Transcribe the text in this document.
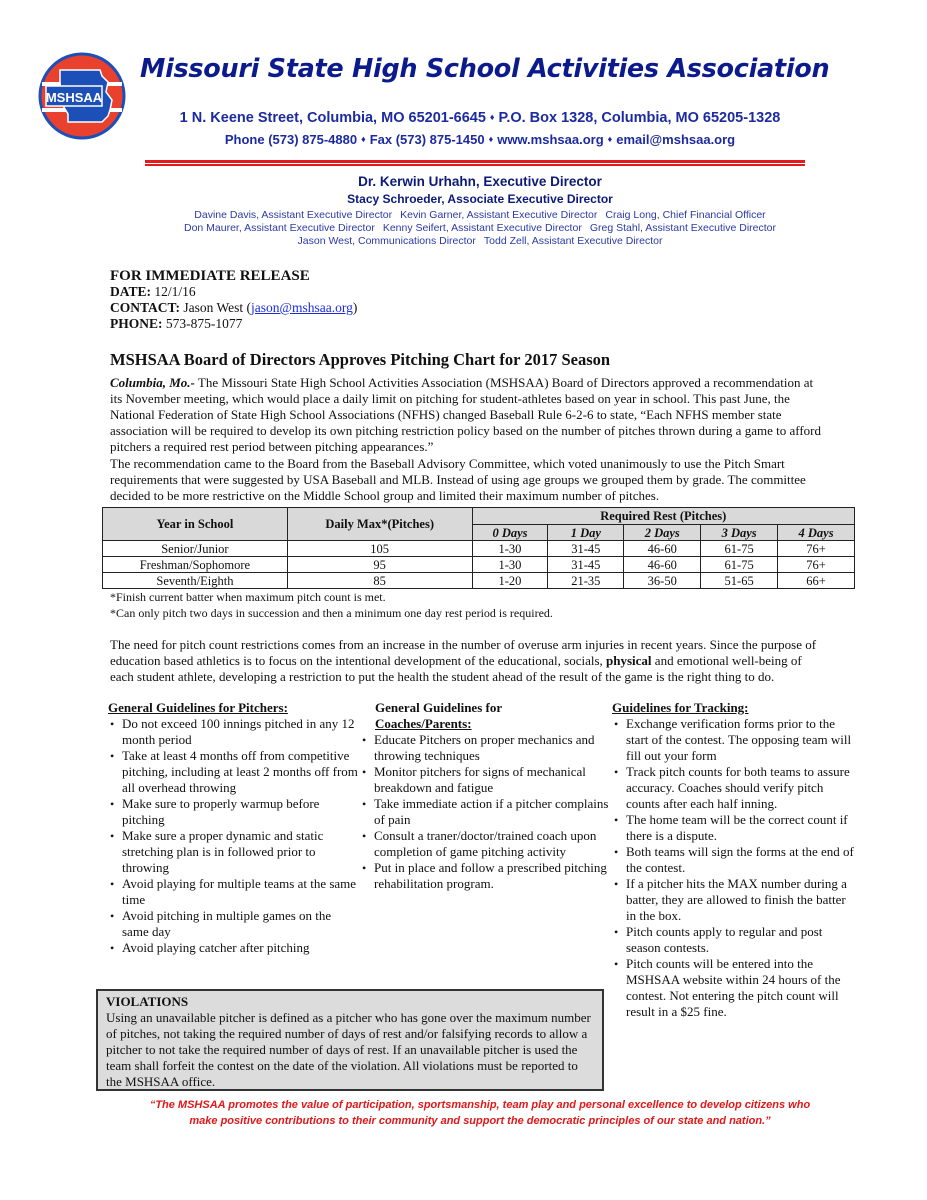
MSHSAA
Missouri State High School Activities Association
1 N. Keene Street, Columbia, MO 65201-6645 ♦ P.O. Box 1328, Columbia, MO 65205-1328
Phone (573) 875-4880 ♦ Fax (573) 875-1450 ♦ www.mshsaa.org ♦ email@mshsaa.org
Dr. Kerwin Urhahn, Executive Director
Stacy Schroeder, Associate Executive Director
Davine Davis, Assistant Executive Director Kevin Garner, Assistant Executive Director Craig Long, Chief Financial Officer
Don Maurer, Assistant Executive Director Kenny Seifert, Assistant Executive Director Greg Stahl, Assistant Executive Director
Jason West, Communications Director Todd Zell, Assistant Executive Director
FOR IMMEDIATE RELEASE
DATE: 12/1/16
CONTACT: Jason West (jason@mshsaa.org)
PHONE: 573-875-1077
MSHSAA Board of Directors Approves Pitching Chart for 2017 Season
Columbia, Mo.- The Missouri State High School Activities Association (MSHSAA) Board of Directors approved a recommendation at its November meeting, which would place a daily limit on pitching for student-athletes based on year in school. This past June, the National Federation of State High School Associations (NFHS) changed Baseball Rule 6-2-6 to state, “Each NFHS member state association will be required to develop its own pitching restriction policy based on the number of pitches thrown during a game to afford pitchers a required rest period between pitching appearances.”
The recommendation came to the Board from the Baseball Advisory Committee, which voted unanimously to use the Pitch Smart requirements that were suggested by USA Baseball and MLB. Instead of using age groups we grouped them by grade. The committee decided to be more restrictive on the Middle School group and limited their maximum number of pitches.
Year in School	Daily Max*(Pitches)	Required Rest (Pitches)				
		0 Days	1 Day	2 Days	3 Days	4 Days
Senior/Junior	105	1-30	31-45	46-60	61-75	76+
Freshman/Sophomore	95	1-30	31-45	46-60	61-75	76+
Seventh/Eighth	85	1-20	21-35	36-50	51-65	66+
*Finish current batter when maximum pitch count is met.
*Can only pitch two days in succession and then a minimum one day rest period is required.
The need for pitch count restrictions comes from an increase in the number of overuse arm injuries in recent years. Since the purpose of education based athletics is to focus on the intentional development of the educational, socials, physical and emotional well-being of each student athlete, developing a restriction to put the health the student ahead of the result of the game is the right thing to do.
General Guidelines for Pitchers:
• Do not exceed 100 innings pitched in any 12 month period
• Take at least 4 months off from competitive pitching, including at least 2 months off from all overhead throwing
• Make sure to properly warmup before pitching
• Make sure a proper dynamic and static stretching plan is in followed prior to throwing
• Avoid playing for multiple teams at the same time
• Avoid pitching in multiple games on the same day
• Avoid playing catcher after pitching
General Guidelines for
Coaches/Parents:
• Educate Pitchers on proper mechanics and throwing techniques
• Monitor pitchers for signs of mechanical breakdown and fatigue
• Take immediate action if a pitcher complains of pain
• Consult a traner/doctor/trained coach upon completion of game pitching activity
• Put in place and follow a prescribed pitching rehabilitation program.
Guidelines for Tracking:
• Exchange verification forms prior to the start of the contest. The opposing team will fill out your form
• Track pitch counts for both teams to assure accuracy. Coaches should verify pitch counts after each half inning.
• The home team will be the correct count if there is a dispute.
• Both teams will sign the forms at the end of the contest.
• If a pitcher hits the MAX number during a batter, they are allowed to finish the batter in the box.
• Pitch counts apply to regular and post season contests.
• Pitch counts will be entered into the MSHSAA website within 24 hours of the contest. Not entering the pitch count will result in a $25 fine.
VIOLATIONS
Using an unavailable pitcher is defined as a pitcher who has gone over the maximum number of pitches, not taking the required number of days of rest and/or falsifying records to allow a pitcher to not take the required number of days of rest. If an unavailable pitcher is used the team shall forfeit the contest on the date of the violation. All violations must be reported to the MSHSAA office.
“The MSHSAA promotes the value of participation, sportsmanship, team play and personal excellence to develop citizens who
make positive contributions to their community and support the democratic principles of our state and nation.”
